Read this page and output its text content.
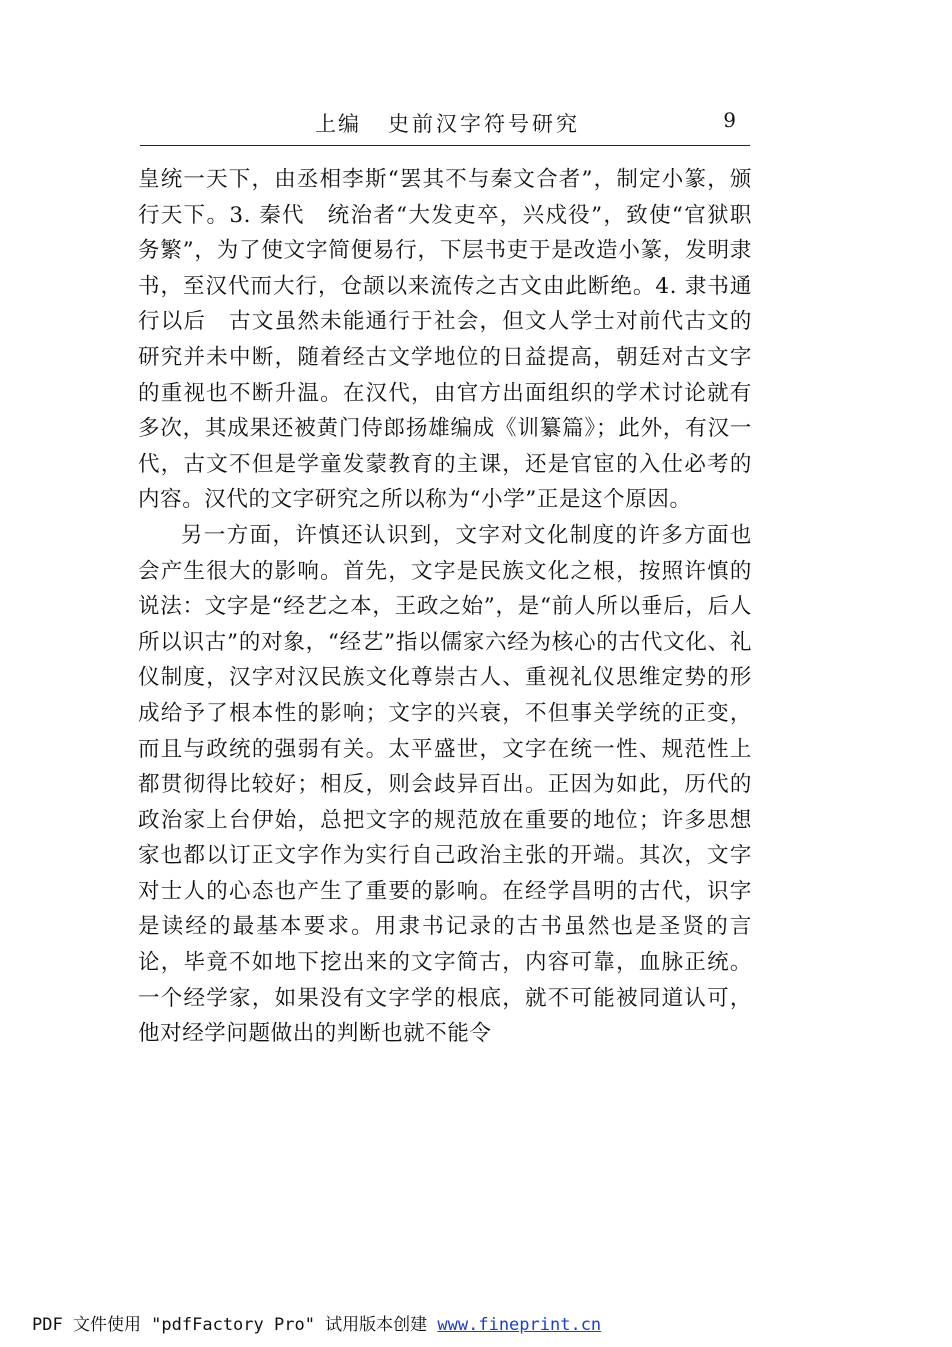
上编 史前汉字符号研究	9

皇统一天下，由丞相李斯“罢其不与秦文合者”，制定小篆，颁行天下。3. 秦代　统治者“大发吏卒，兴戍役”，致使“官狱职务繁”，为了使文字简便易行，下层书吏于是改造小篆，发明隶书，至汉代而大行，仓颉以来流传之古文由此断绝。4. 隶书通行以后　古文虽然未能通行于社会，但文人学士对前代古文的研究并未中断，随着经古文学地位的日益提高，朝廷对古文字的重视也不断升温。在汉代，由官方出面组织的学术讨论就有多次，其成果还被黄门侍郎扬雄编成《训纂篇》；此外，有汉一代，古文不但是学童发蒙教育的主课，还是官宦的入仕必考的内容。汉代的文字研究之所以称为“小学”正是这个原因。

另一方面，许慎还认识到，文字对文化制度的许多方面也会产生很大的影响。首先，文字是民族文化之根，按照许慎的说法：文字是“经艺之本，王政之始”，是“前人所以垂后，后人所以识古”的对象，“经艺”指以儒家六经为核心的古代文化、礼仪制度，汉字对汉民族文化尊崇古人、重视礼仪思维定势的形成给予了根本性的影响；文字的兴衰，不但事关学统的正变，而且与政统的强弱有关。太平盛世，文字在统一性、规范性上都贯彻得比较好；相反，则会歧异百出。正因为如此，历代的政治家上台伊始，总把文字的规范放在重要的地位；许多思想家也都以订正文字作为实行自己政治主张的开端。其次，文字对士人的心态也产生了重要的影响。在经学昌明的古代，识字是读经的最基本要求。用隶书记录的古书虽然也是圣贤的言论，毕竟不如地下挖出来的文字简古，内容可靠，血脉正统。一个经学家，如果没有文字学的根底，就不可能被同道认可，他对经学问题做出的判断也就不能令

PDF 文件使用 "pdfFactory Pro" 试用版本创建 www.fineprint.cn
